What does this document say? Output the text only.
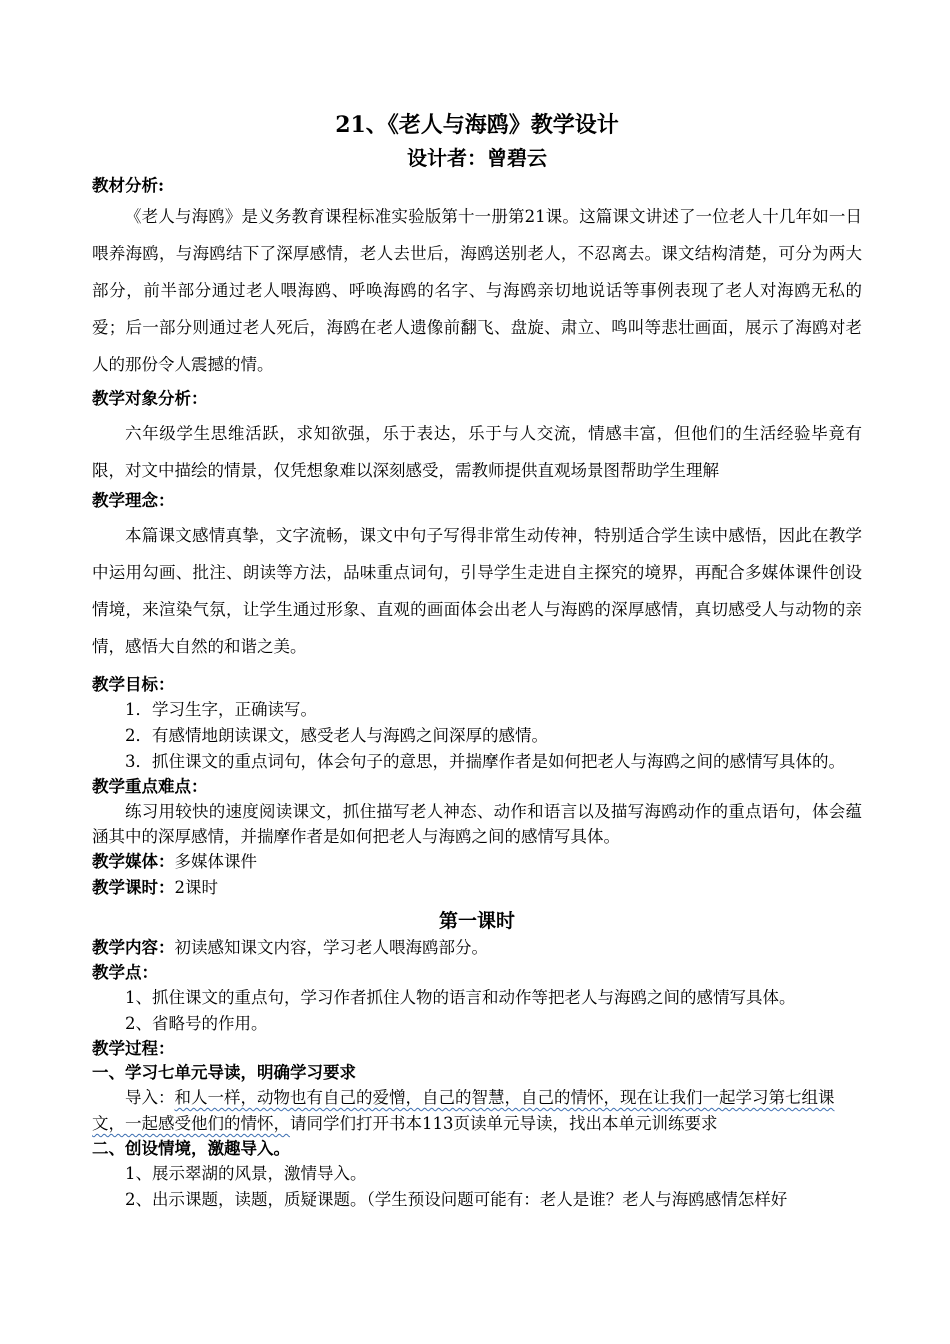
21、《老人与海鸥》教学设计

设计者：曾碧云

教材分析:

《老人与海鸥》是义务教育课程标准实验版第十一册第21课。这篇课文讲述了一位老人十几年如一日喂养海鸥，与海鸥结下了深厚感情，老人去世后，海鸥送别老人，不忍离去。课文结构清楚，可分为两大部分，前半部分通过老人喂海鸥、呼唤海鸥的名字、与海鸥亲切地说话等事例表现了老人对海鸥无私的爱；后一部分则通过老人死后，海鸥在老人遗像前翻飞、盘旋、肃立、鸣叫等悲壮画面，展示了海鸥对老人的那份令人震撼的情。

教学对象分析：

六年级学生思维活跃，求知欲强，乐于表达，乐于与人交流，情感丰富，但他们的生活经验毕竟有限，对文中描绘的情景，仅凭想象难以深刻感受，需教师提供直观场景图帮助学生理解

教学理念：

本篇课文感情真挚，文字流畅，课文中句子写得非常生动传神，特别适合学生读中感悟，因此在教学中运用勾画、批注、朗读等方法，品味重点词句，引导学生走进自主探究的境界，再配合多媒体课件创设情境，来渲染气氛，让学生通过形象、直观的画面体会出老人与海鸥的深厚感情，真切感受人与动物的亲情，感悟大自然的和谐之美。

教学目标：

1．学习生字，正确读写。

2．有感情地朗读课文，感受老人与海鸥之间深厚的感情。

3．抓住课文的重点词句，体会句子的意思，并揣摩作者是如何把老人与海鸥之间的感情写具体的。

教学重点难点：

练习用较快的速度阅读课文，抓住描写老人神态、动作和语言以及描写海鸥动作的重点语句，体会蕴涵其中的深厚感情，并揣摩作者是如何把老人与海鸥之间的感情写具体。

教学媒体：多媒体课件

教学课时：2课时

第一课时

教学内容：初读感知课文内容，学习老人喂海鸥部分。

教学点：

1、抓住课文的重点句，学习作者抓住人物的语言和动作等把老人与海鸥之间的感情写具体。

2、省略号的作用。

教学过程：

一、学习七单元导读，明确学习要求

导入：和人一样，动物也有自己的爱憎，自己的智慧，自己的情怀，现在让我们一起学习第七组课文，一起感受他们的情怀，请同学们打开书本113页读单元导读，找出本单元训练要求

二、创设情境，激趣导入。

1、展示翠湖的风景，激情导入。

2、出示课题，读题，质疑课题。（学生预设问题可能有：老人是谁？老人与海鸥感情怎样好
